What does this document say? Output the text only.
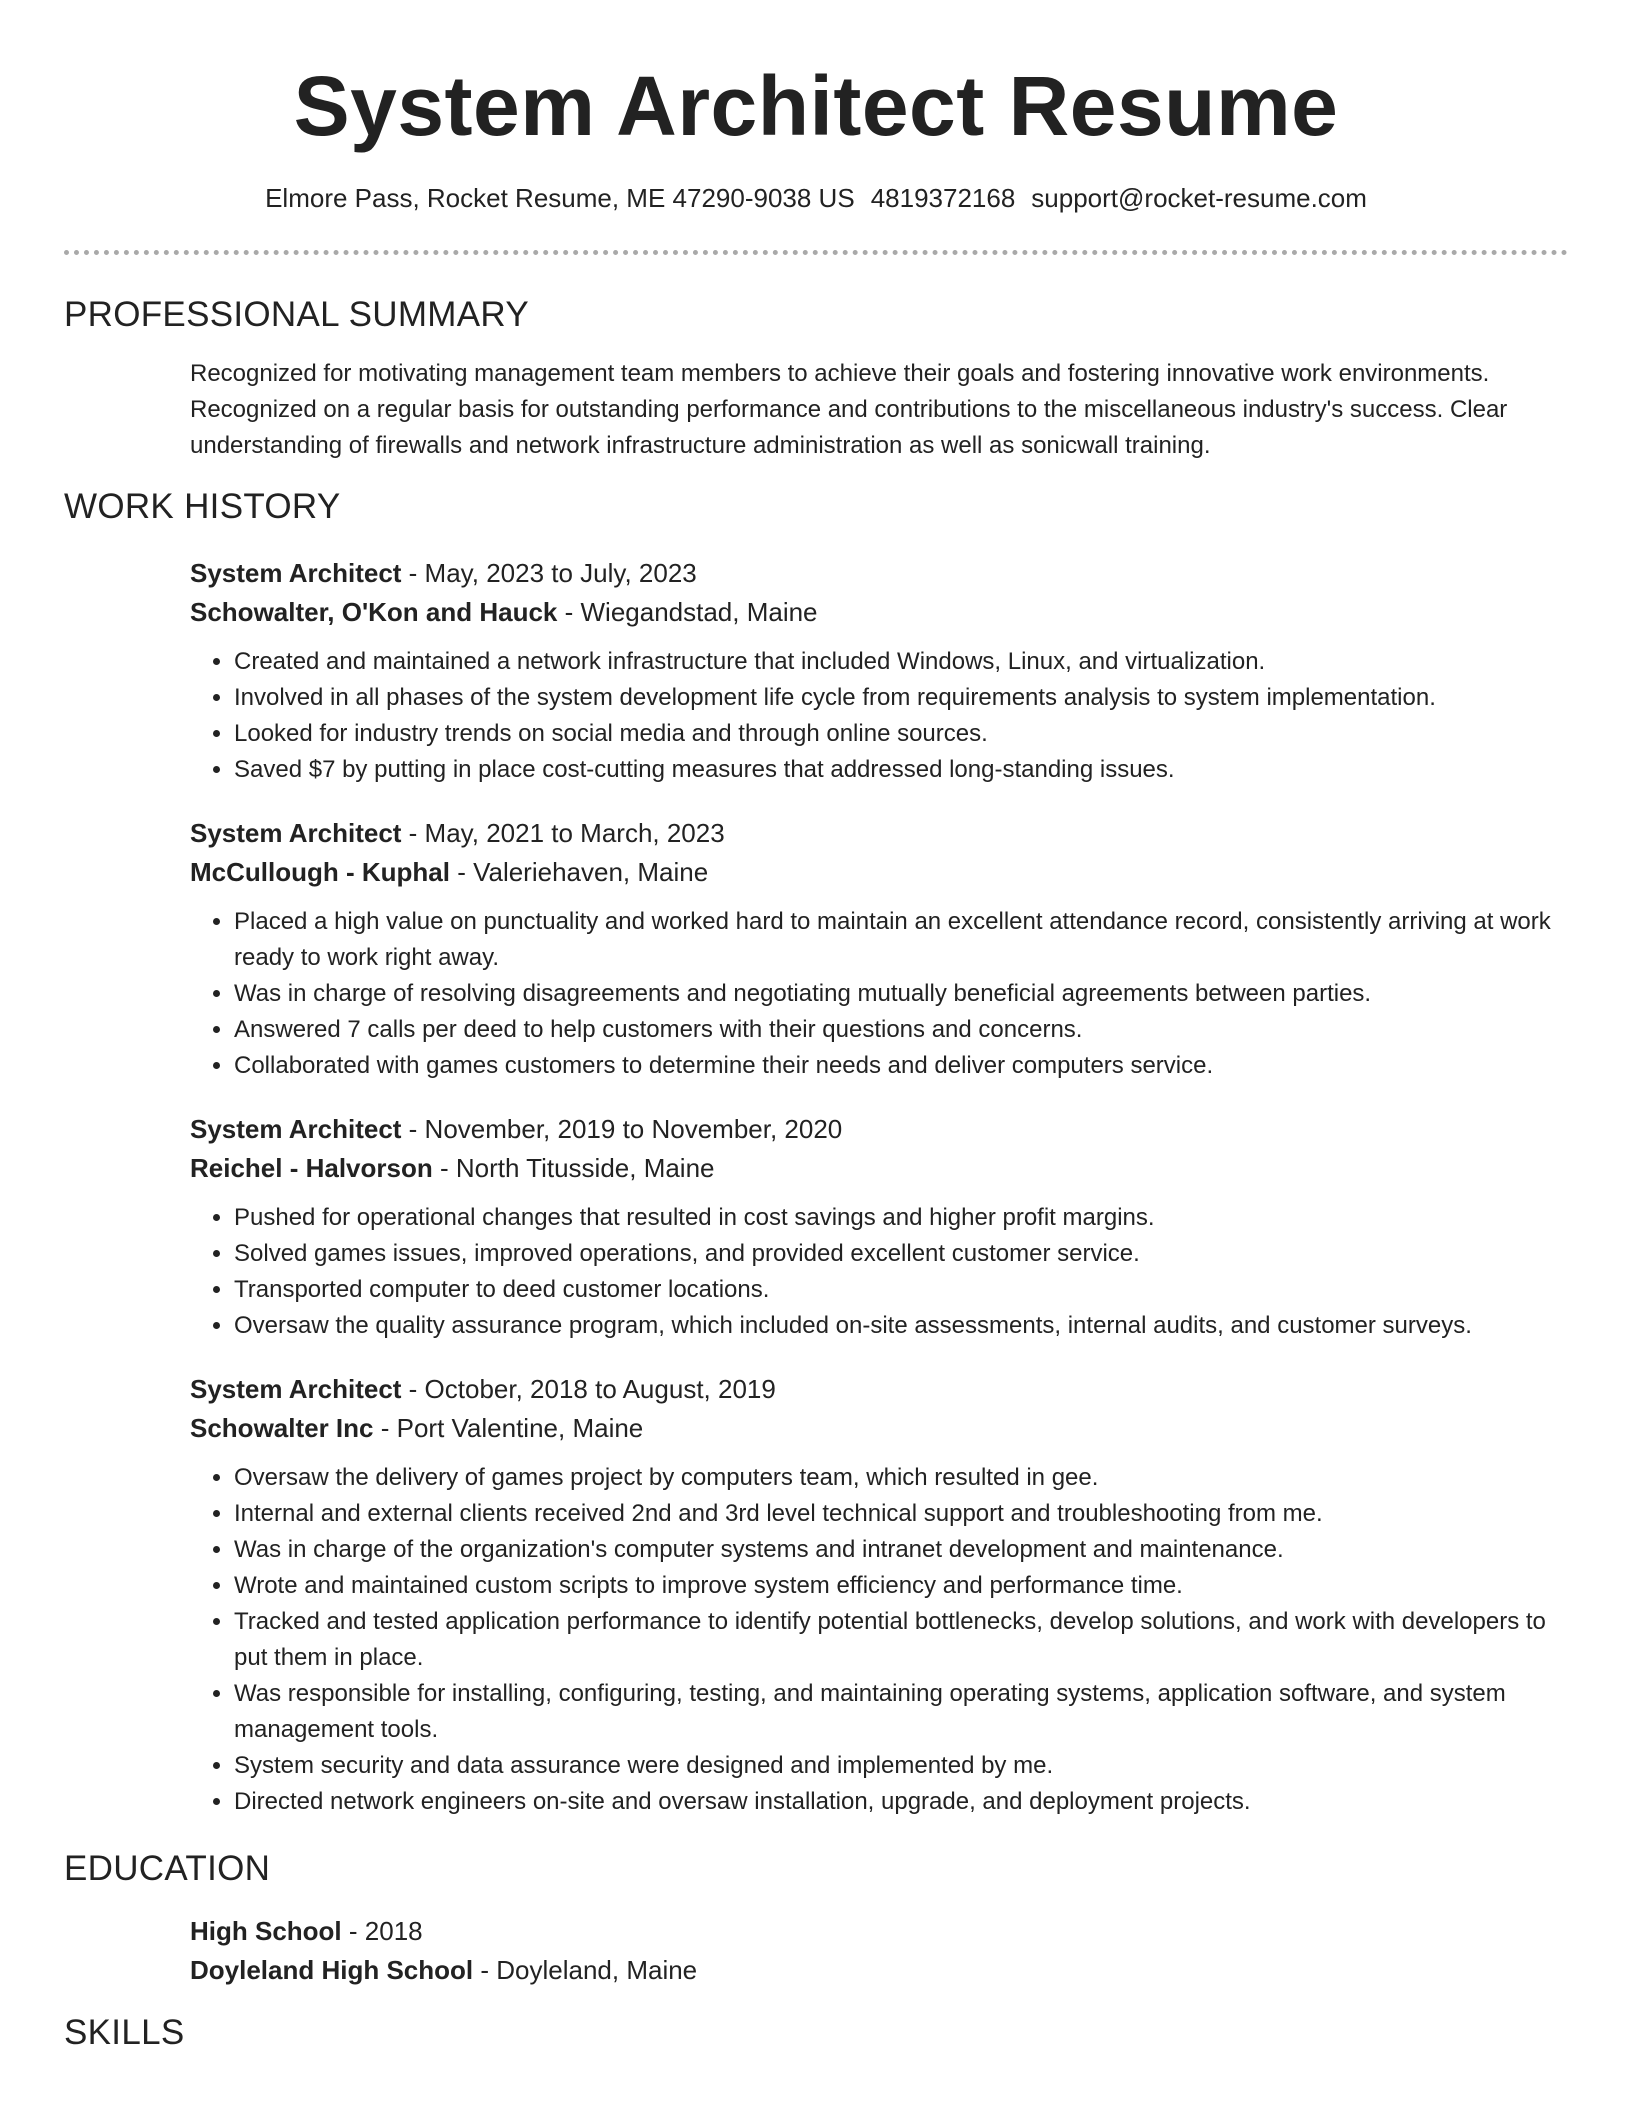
System Architect Resume
Elmore Pass, Rocket Resume, ME 47290-9038 US 4819372168 support@rocket-resume.com
PROFESSIONAL SUMMARY
Recognized for motivating management team members to achieve their goals and fostering innovative work environments. Recognized on a regular basis for outstanding performance and contributions to the miscellaneous industry's success. Clear understanding of firewalls and network infrastructure administration as well as sonicwall training.
WORK HISTORY
System Architect - May, 2023 to July, 2023
Schowalter, O'Kon and Hauck - Wiegandstad, Maine
• Created and maintained a network infrastructure that included Windows, Linux, and virtualization.
• Involved in all phases of the system development life cycle from requirements analysis to system implementation.
• Looked for industry trends on social media and through online sources.
• Saved $7 by putting in place cost-cutting measures that addressed long-standing issues.
System Architect - May, 2021 to March, 2023
McCullough - Kuphal - Valeriehaven, Maine
• Placed a high value on punctuality and worked hard to maintain an excellent attendance record, consistently arriving at work ready to work right away.
• Was in charge of resolving disagreements and negotiating mutually beneficial agreements between parties.
• Answered 7 calls per deed to help customers with their questions and concerns.
• Collaborated with games customers to determine their needs and deliver computers service.
System Architect - November, 2019 to November, 2020
Reichel - Halvorson - North Titusside, Maine
• Pushed for operational changes that resulted in cost savings and higher profit margins.
• Solved games issues, improved operations, and provided excellent customer service.
• Transported computer to deed customer locations.
• Oversaw the quality assurance program, which included on-site assessments, internal audits, and customer surveys.
System Architect - October, 2018 to August, 2019
Schowalter Inc - Port Valentine, Maine
• Oversaw the delivery of games project by computers team, which resulted in gee.
• Internal and external clients received 2nd and 3rd level technical support and troubleshooting from me.
• Was in charge of the organization's computer systems and intranet development and maintenance.
• Wrote and maintained custom scripts to improve system efficiency and performance time.
• Tracked and tested application performance to identify potential bottlenecks, develop solutions, and work with developers to put them in place.
• Was responsible for installing, configuring, testing, and maintaining operating systems, application software, and system management tools.
• System security and data assurance were designed and implemented by me.
• Directed network engineers on-site and oversaw installation, upgrade, and deployment projects.
EDUCATION
High School - 2018
Doyleland High School - Doyleland, Maine
SKILLS
